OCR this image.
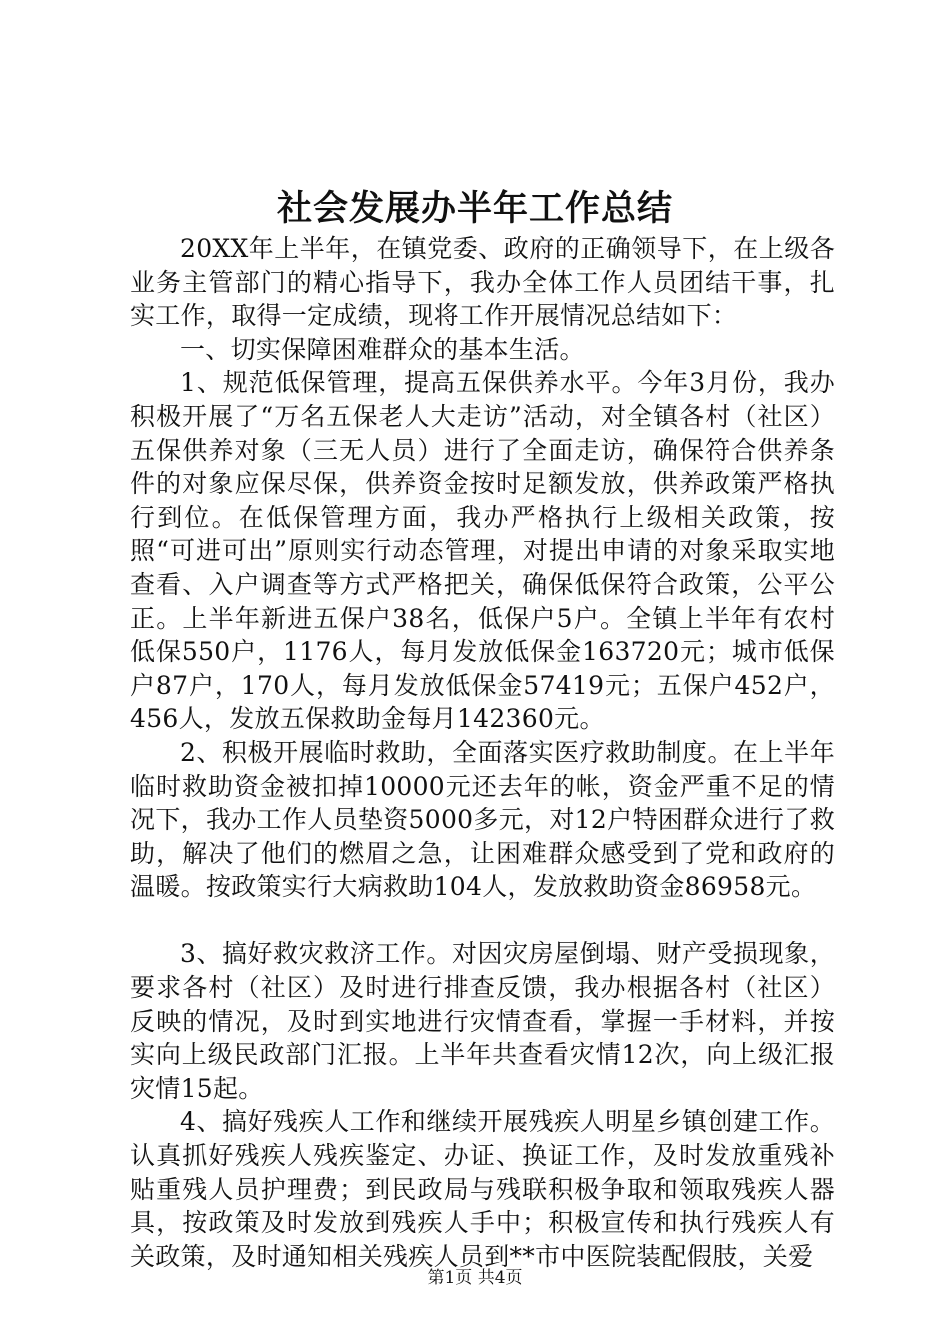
社会发展办半年工作总结

20XX年上半年，在镇党委、政府的正确领导下，在上级各业务主管部门的精心指导下，我办全体工作人员团结干事，扎实工作，取得一定成绩，现将工作开展情况总结如下：

一、切实保障困难群众的基本生活。

1、规范低保管理，提高五保供养水平。今年3月份，我办积极开展了“万名五保老人大走访”活动，对全镇各村（社区）五保供养对象（三无人员）进行了全面走访，确保符合供养条件的对象应保尽保，供养资金按时足额发放，供养政策严格执行到位。在低保管理方面，我办严格执行上级相关政策，按照“可进可出”原则实行动态管理，对提出申请的对象采取实地查看、入户调查等方式严格把关，确保低保符合政策，公平公正。上半年新进五保户38名，低保户5户。全镇上半年有农村低保550户，1176人，每月发放低保金163720元；城市低保户87户，170人，每月发放低保金57419元；五保户452户，456人，发放五保救助金每月142360元。

2、积极开展临时救助，全面落实医疗救助制度。在上半年临时救助资金被扣掉10000元还去年的帐，资金严重不足的情况下，我办工作人员垫资5000多元，对12户特困群众进行了救助，解决了他们的燃眉之急，让困难群众感受到了党和政府的温暖。按政策实行大病救助104人，发放救助资金86958元。

3、搞好救灾救济工作。对因灾房屋倒塌、财产受损现象，要求各村（社区）及时进行排查反馈，我办根据各村（社区）反映的情况，及时到实地进行灾情查看，掌握一手材料，并按实向上级民政部门汇报。上半年共查看灾情12次，向上级汇报灾情15起。

4、搞好残疾人工作和继续开展残疾人明星乡镇创建工作。认真抓好残疾人残疾鉴定、办证、换证工作，及时发放重残补贴重残人员护理费；到民政局与残联积极争取和领取残疾人器具，按政策及时发放到残疾人手中；积极宣传和执行残疾人有关政策，及时通知相关残疾人员到**市中医院装配假肢，关爱

第1页 共4页
